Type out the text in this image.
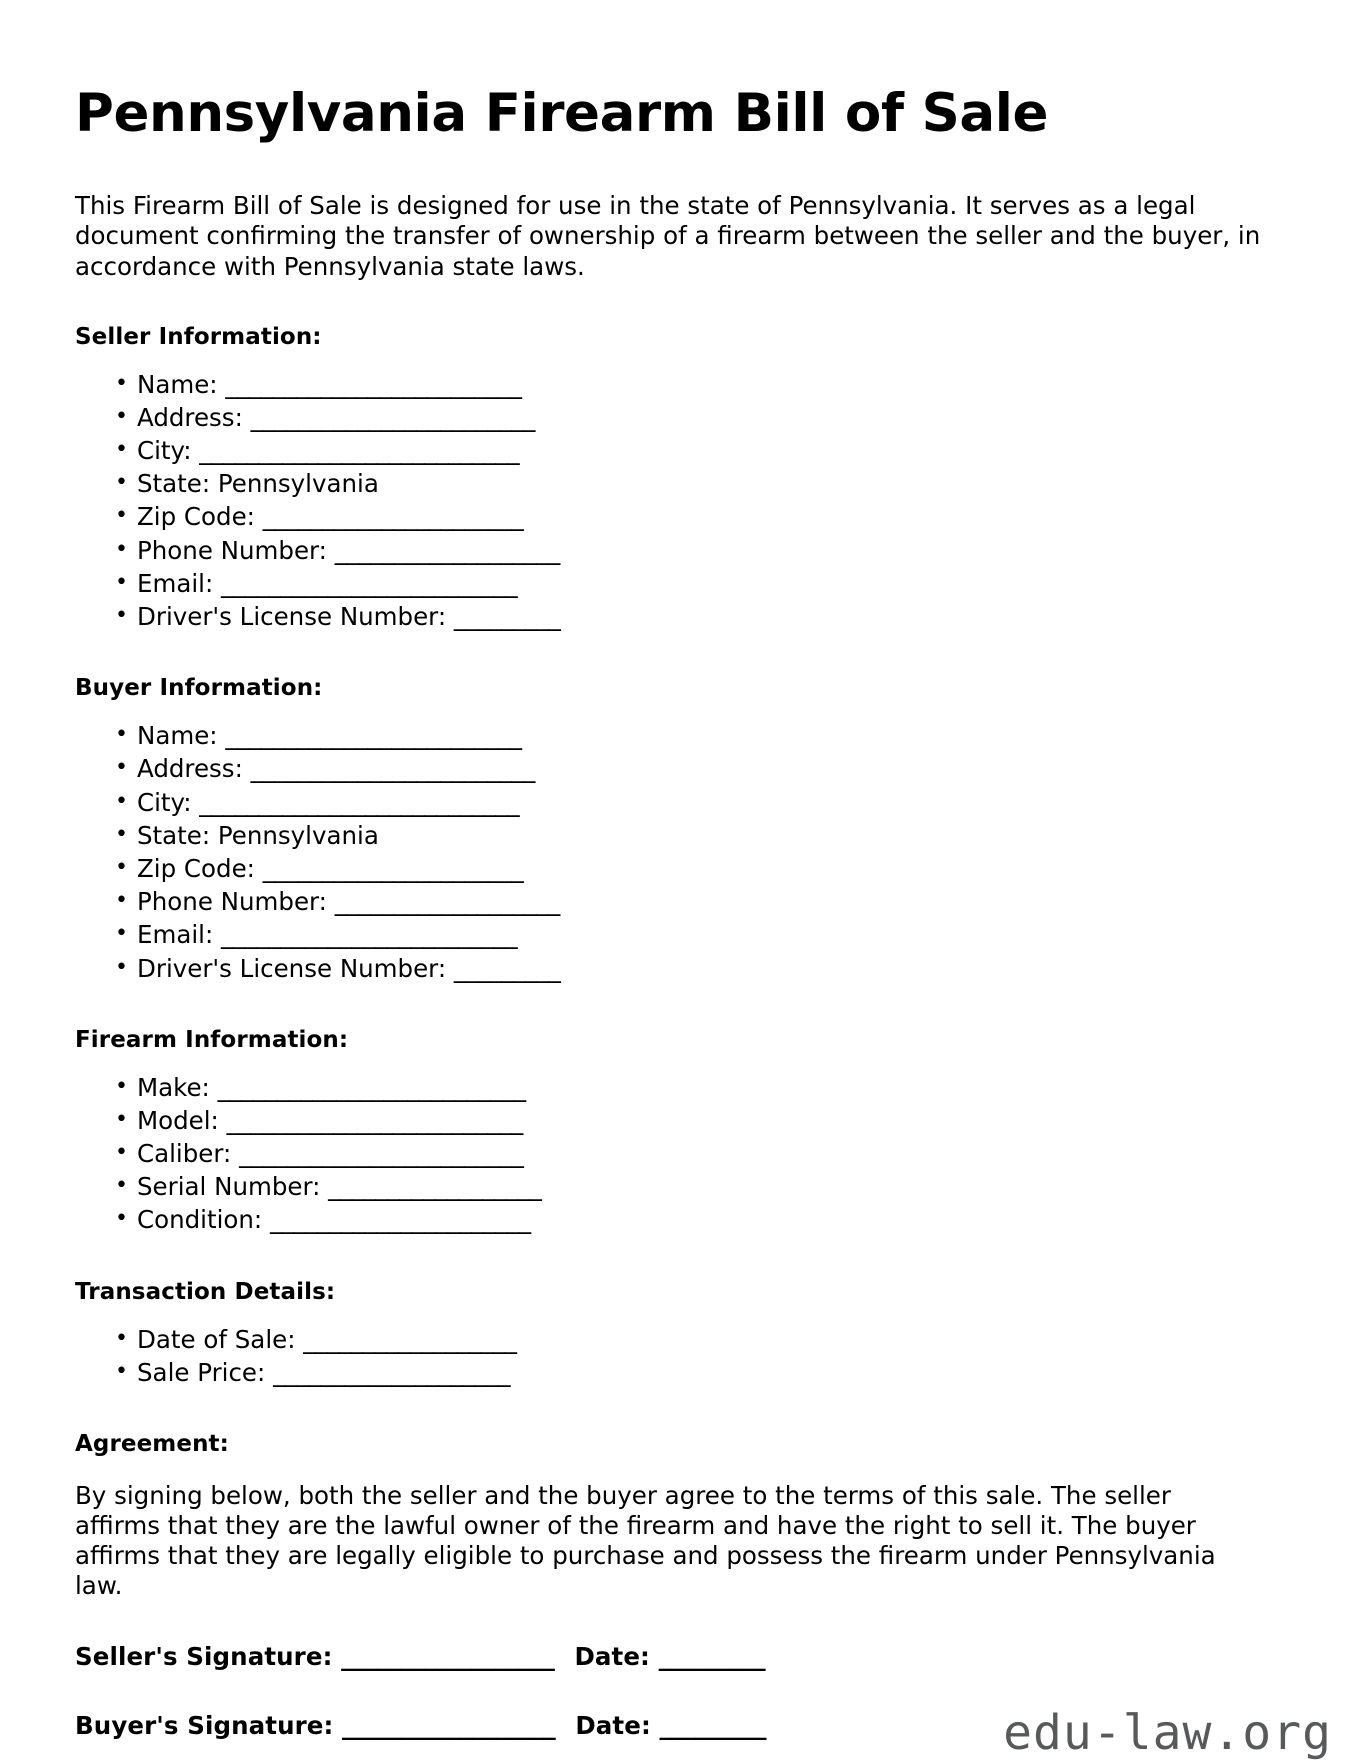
Pennsylvania Firearm Bill of Sale

This Firearm Bill of Sale is designed for use in the state of Pennsylvania. It serves as a legal document confirming the transfer of ownership of a firearm between the seller and the buyer, in accordance with Pennsylvania state laws.

Seller Information:
• Name: _________________________
• Address: ________________________
• City: ___________________________
• State: Pennsylvania
• Zip Code: ______________________
• Phone Number: ___________________
• Email: _________________________
• Driver's License Number: _________
Buyer Information:
• Name: _________________________
• Address: ________________________
• City: ___________________________
• State: Pennsylvania
• Zip Code: ______________________
• Phone Number: ___________________
• Email: _________________________
• Driver's License Number: _________
Firearm Information:
• Make: __________________________
• Model: _________________________
• Caliber: ________________________
• Serial Number: __________________
• Condition: ______________________
Transaction Details:
• Date of Sale: __________________
• Sale Price: ____________________
Agreement:

By signing below, both the seller and the buyer agree to the terms of this sale. The seller affirms that they are the lawful owner of the firearm and have the right to sell it. The buyer affirms that they are legally eligible to purchase and possess the firearm under Pennsylvania law.

Seller's Signature: __________________ Date: _________
Buyer's Signature: __________________ Date: _________	edu-law.org
